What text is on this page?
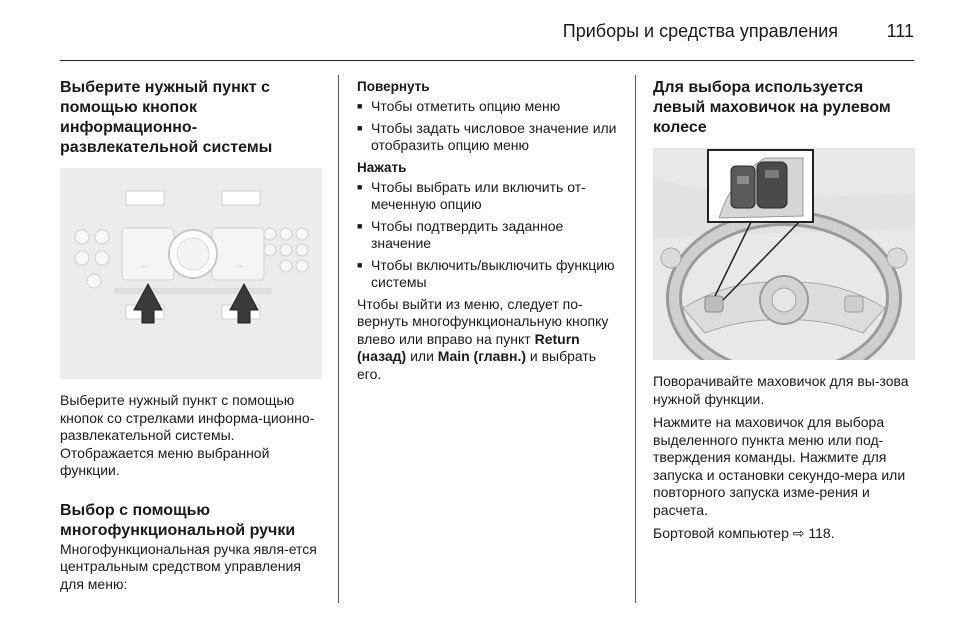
Приборы и средства управления	111
Выберите нужный пункт с помощью кнопок информационно-развлекательной системы
←	→

Выберите нужный пункт с помощью кнопок со стрелками информа-ционно-развлекательной системы. Отображается меню выбранной функции.

Выбор с помощью многофункциональной ручки

Многофункциональная ручка явля-ется центральным средством управления для меню:

Повернуть
■ Чтобы отметить опцию меню
■ Чтобы задать числовое значение или отобразить опцию меню
Нажать
■ Чтобы выбрать или включить от-меченную опцию
■ Чтобы подтвердить заданное значение
■ Чтобы включить/выключить функцию системы

Чтобы выйти из меню, следует по-вернуть многофункциональную кнопку влево или вправо на пункт Return (назад) или Main (главн.) и выбрать его.

Для выбора используется левый маховичок на рулевом колесе

Поворачивайте маховичок для вы-зова нужной функции.

Нажмите на маховичок для выбора выделенного пункта меню или под-тверждения команды. Нажмите для запуска и остановки секундо-мера или повторного запуска изме-рения и расчета.

Бортовой компьютер ⇨ 118.
